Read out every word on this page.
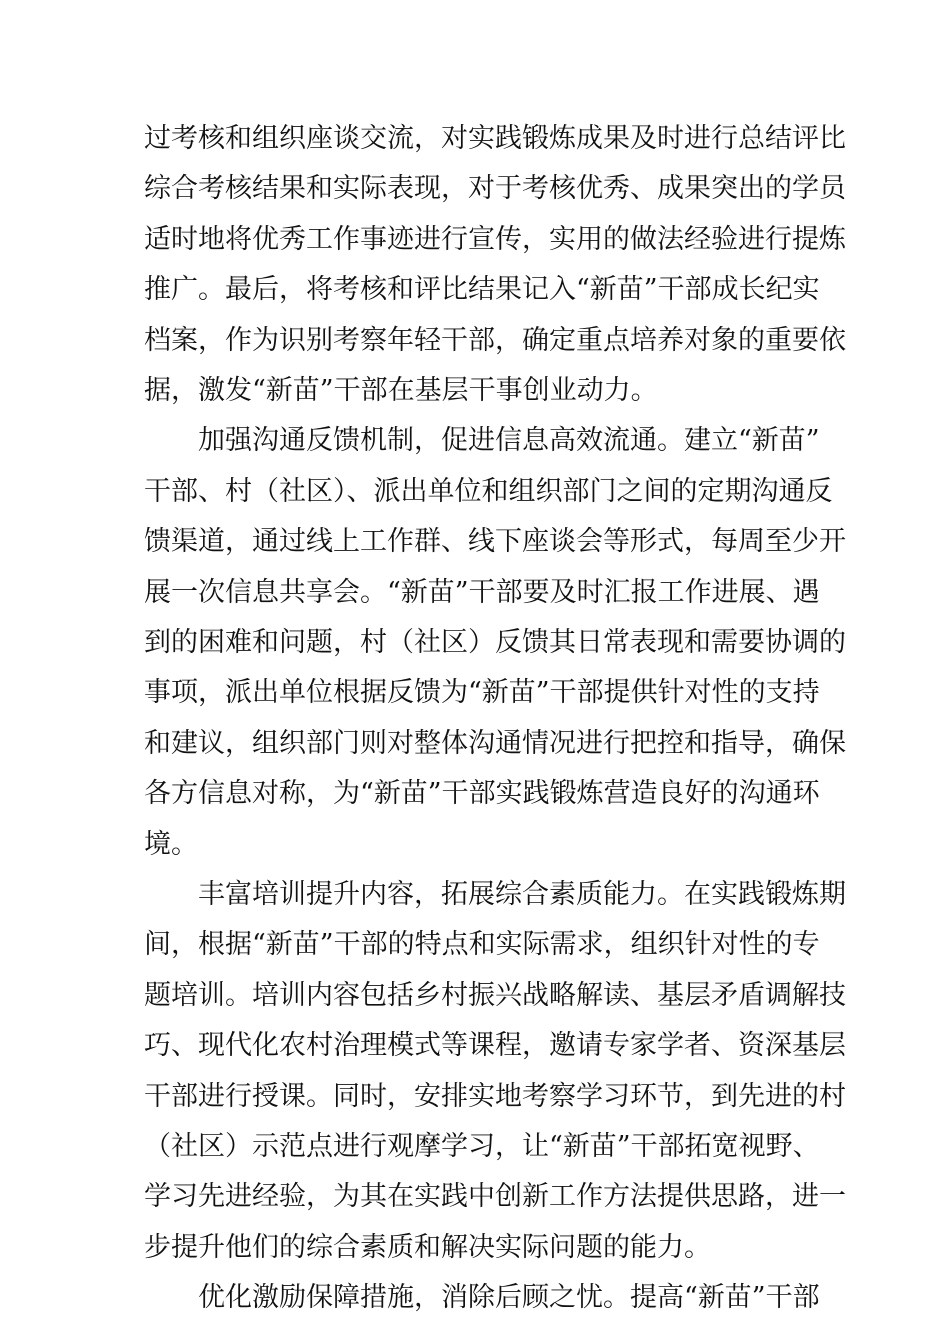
过考核和组织座谈交流，对实践锻炼成果及时进行总结评比
综合考核结果和实际表现，对于考核优秀、成果突出的学员
适时地将优秀工作事迹进行宣传，实用的做法经验进行提炼
推广。最后，将考核和评比结果记入“新苗”干部成长纪实
档案，作为识别考察年轻干部，确定重点培养对象的重要依
据，激发“新苗”干部在基层干事创业动力。
加强沟通反馈机制，促进信息高效流通。建立“新苗”
干部、村（社区）、派出单位和组织部门之间的定期沟通反
馈渠道，通过线上工作群、线下座谈会等形式，每周至少开
展一次信息共享会。“新苗”干部要及时汇报工作进展、遇
到的困难和问题，村（社区）反馈其日常表现和需要协调的
事项，派出单位根据反馈为“新苗”干部提供针对性的支持
和建议，组织部门则对整体沟通情况进行把控和指导，确保
各方信息对称，为“新苗”干部实践锻炼营造良好的沟通环
境。
丰富培训提升内容，拓展综合素质能力。在实践锻炼期
间，根据“新苗”干部的特点和实际需求，组织针对性的专
题培训。培训内容包括乡村振兴战略解读、基层矛盾调解技
巧、现代化农村治理模式等课程，邀请专家学者、资深基层
干部进行授课。同时，安排实地考察学习环节，到先进的村
（社区）示范点进行观摩学习，让“新苗”干部拓宽视野、
学习先进经验，为其在实践中创新工作方法提供思路，进一
步提升他们的综合素质和解决实际问题的能力。
优化激励保障措施，消除后顾之忧。提高“新苗”干部
